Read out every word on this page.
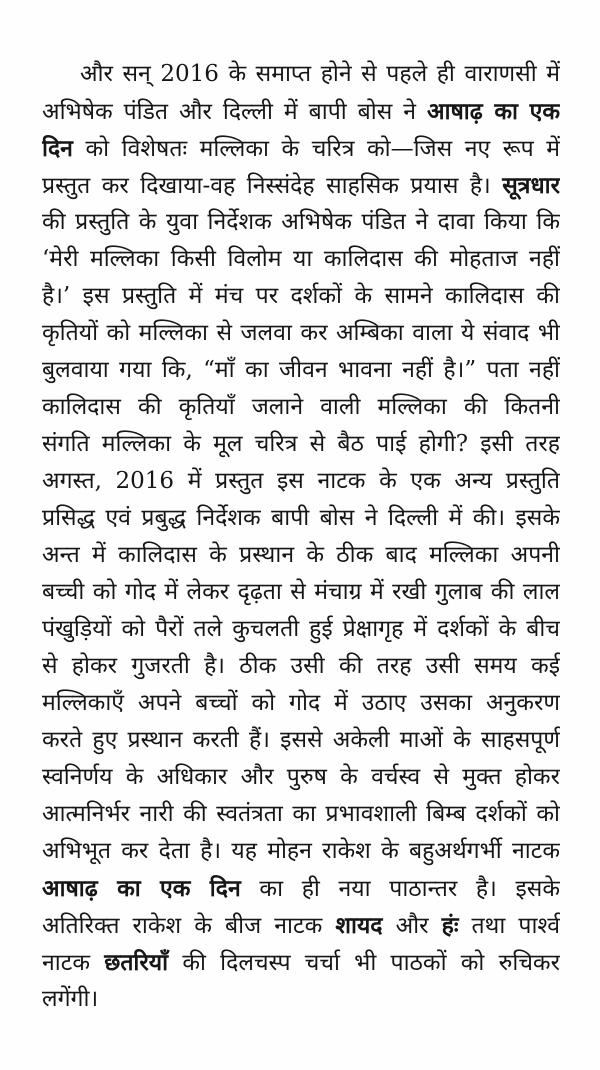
और सन् 2016 के समाप्त होने से पहले ही वाराणसी में
अभिषेक पंडित और दिल्ली में बापी बोस ने आषाढ़ का एक
दिन को विशेषतः मल्लिका के चरित्र को—जिस नए रूप में
प्रस्तुत कर दिखाया-वह निस्संदेह साहसिक प्रयास है। सूत्रधार
की प्रस्तुति के युवा निर्देशक अभिषेक पंडित ने दावा किया कि
‘मेरी मल्लिका किसी विलोम या कालिदास की मोहताज नहीं
है।’ इस प्रस्तुति में मंच पर दर्शकों के सामने कालिदास की
कृतियों को मल्लिका से जलवा कर अम्बिका वाला ये संवाद भी
बुलवाया गया कि, “माँ का जीवन भावना नहीं है।” पता नहीं
कालिदास की कृतियाँ जलाने वाली मल्लिका की कितनी
संगति मल्लिका के मूल चरित्र से बैठ पाई होगी? इसी तरह
अगस्त, 2016 में प्रस्तुत इस नाटक के एक अन्य प्रस्तुति
प्रसिद्ध एवं प्रबुद्ध निर्देशक बापी बोस ने दिल्ली में की। इसके
अन्त में कालिदास के प्रस्थान के ठीक बाद मल्लिका अपनी
बच्ची को गोद में लेकर दृढ़ता से मंचाग्र में रखी गुलाब की लाल
पंखुड़ियों को पैरों तले कुचलती हुई प्रेक्षागृह में दर्शकों के बीच
से होकर गुजरती है। ठीक उसी की तरह उसी समय कई
मल्लिकाएँ अपने बच्चों को गोद में उठाए उसका अनुकरण
करते हुए प्रस्थान करती हैं। इससे अकेली माओं के साहसपूर्ण
स्वनिर्णय के अधिकार और पुरुष के वर्चस्व से मुक्त होकर
आत्मनिर्भर नारी की स्वतंत्रता का प्रभावशाली बिम्ब दर्शकों को
अभिभूत कर देता है। यह मोहन राकेश के बहुअर्थगर्भी नाटक
आषाढ़ का एक दिन का ही नया पाठान्तर है। इसके
अतिरिक्त राकेश के बीज नाटक शायद और हंः तथा पार्श्व
नाटक छतरियाँ की दिलचस्प चर्चा भी पाठकों को रुचिकर
लगेंगी।
